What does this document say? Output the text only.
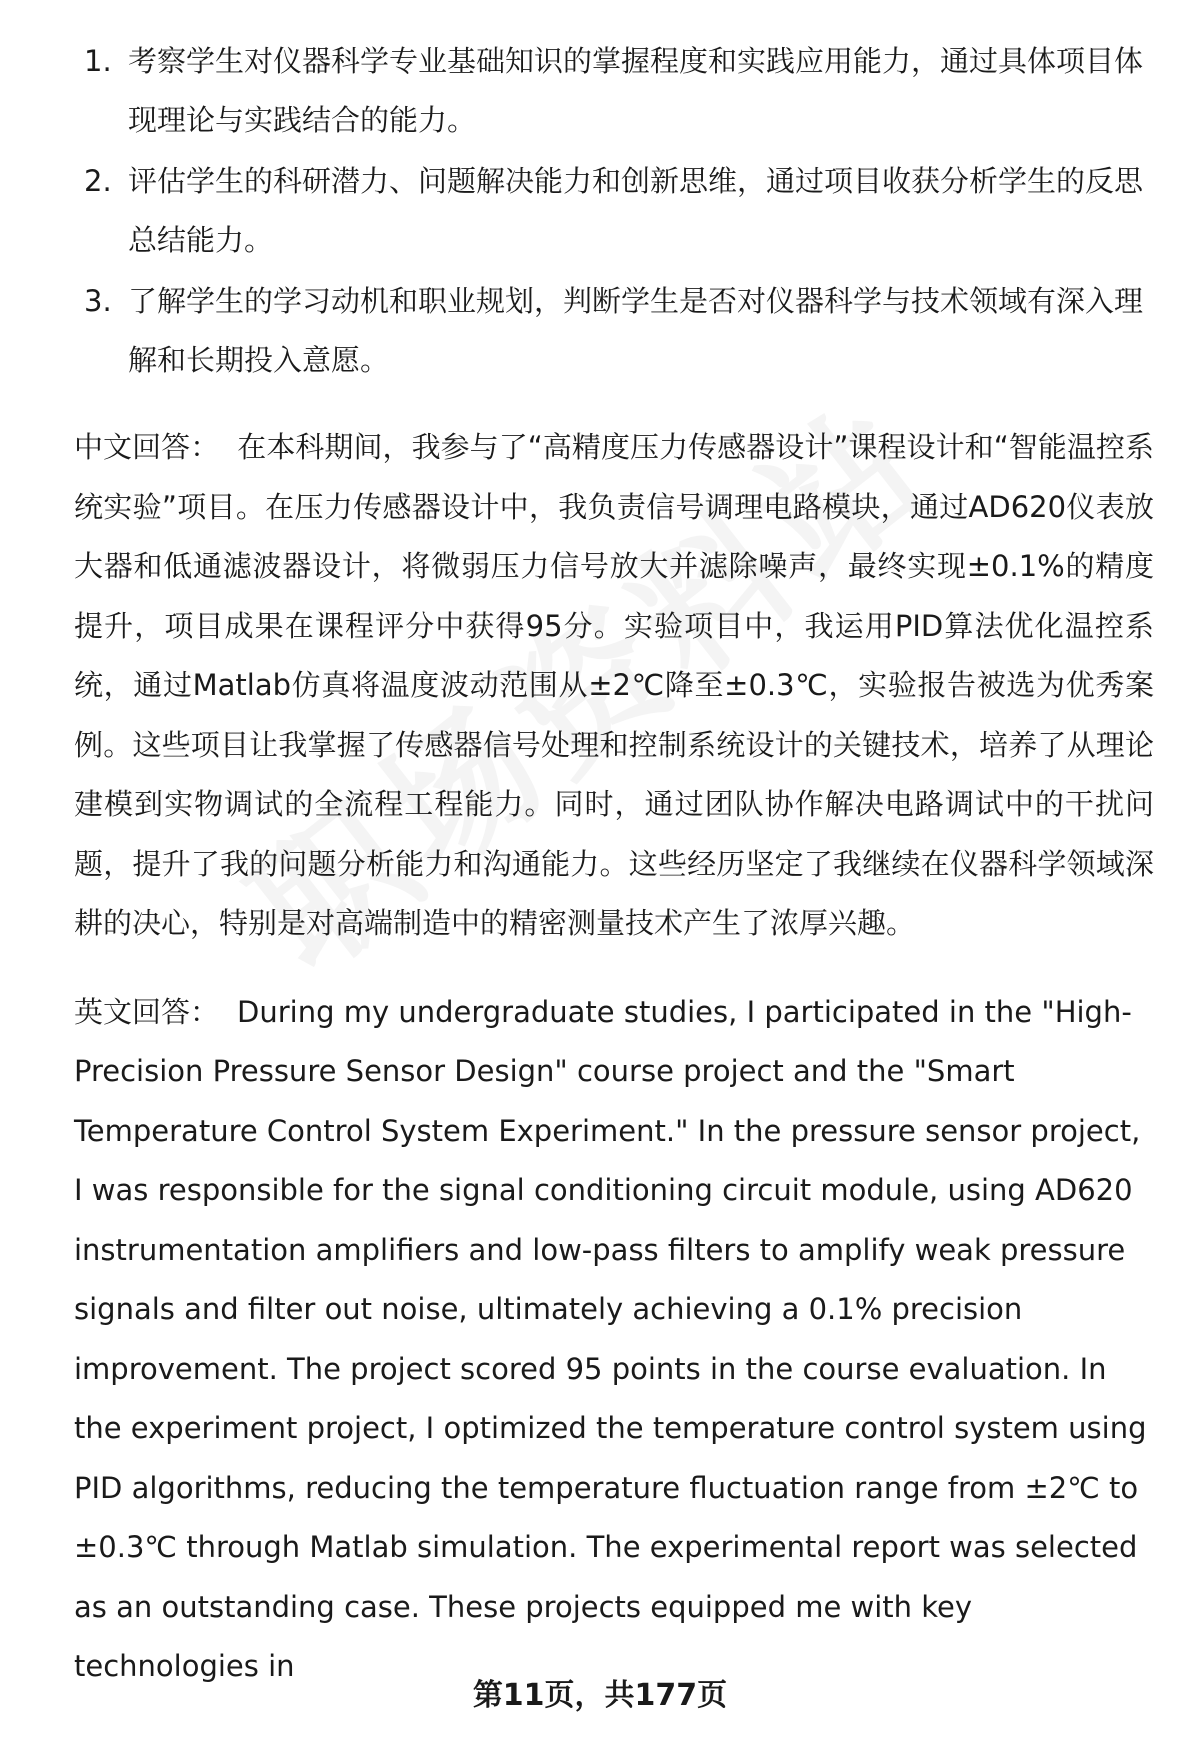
1. 考察学生对仪器科学专业基础知识的掌握程度和实践应用能力，通过具体项目体现理论与实践结合的能力。
2. 评估学生的科研潜力、问题解决能力和创新思维，通过项目收获分析学生的反思总结能力。
3. 了解学生的学习动机和职业规划，判断学生是否对仪器科学与技术领域有深入理解和长期投入意愿。

中文回答： 在本科期间，我参与了“高精度压力传感器设计”课程设计和“智能温控系统实验”项目。在压力传感器设计中，我负责信号调理电路模块，通过AD620仪表放大器和低通滤波器设计，将微弱压力信号放大并滤除噪声，最终实现±0.1%的精度提升，项目成果在课程评分中获得95分。实验项目中，我运用PID算法优化温控系统，通过Matlab仿真将温度波动范围从±2℃降至±0.3℃，实验报告被选为优秀案例。这些项目让我掌握了传感器信号处理和控制系统设计的关键技术，培养了从理论建模到实物调试的全流程工程能力。同时，通过团队协作解决电路调试中的干扰问题，提升了我的问题分析能力和沟通能力。这些经历坚定了我继续在仪器科学领域深耕的决心，特别是对高端制造中的精密测量技术产生了浓厚兴趣。

英文回答： During my undergraduate studies, I participated in the "High-Precision Pressure Sensor Design" course project and the "Smart Temperature Control System Experiment." In the pressure sensor project, I was responsible for the signal conditioning circuit module, using AD620 instrumentation amplifiers and low-pass filters to amplify weak pressure signals and filter out noise, ultimately achieving a 0.1% precision improvement. The project scored 95 points in the course evaluation. In the experiment project, I optimized the temperature control system using PID algorithms, reducing the temperature fluctuation range from ±2℃ to ±0.3℃ through Matlab simulation. The experimental report was selected as an outstanding case. These projects equipped me with key technologies in

第11页，共177页
